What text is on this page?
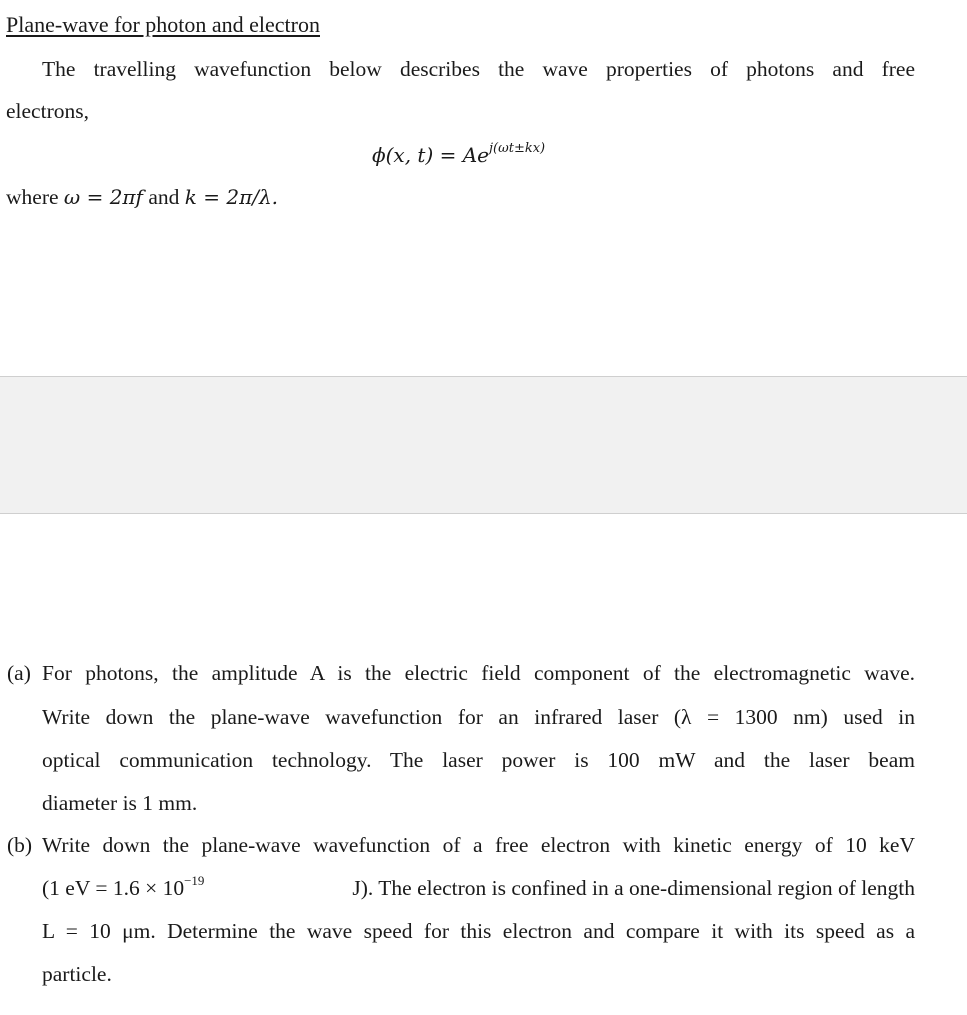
Plane-wave for photon and electron
The travelling wavefunction below describes the wave properties of photons and free
electrons,
ϕ(x, $t) = Ae^{j(\omega t\pm kx)}$
where ω = 2πf and k = 2π/λ.
(a) For photons, the amplitude A is the electric field component of the electromagnetic wave.
Write down the plane-wave wavefunction for an infrared laser (λ = 1300 nm) used in
optical communication technology. The laser power is 100 mW and the laser beam
diameter is 1 mm.
(b) Write down the plane-wave wavefunction of a free electron with kinetic energy of 10 keV
(1 eV = $1.6 \times 10^{-19}$	J). The electron is confined in a one-dimensional region of length
L = 10 μm. Determine the wave speed for this electron and compare it with its speed as a
particle.
